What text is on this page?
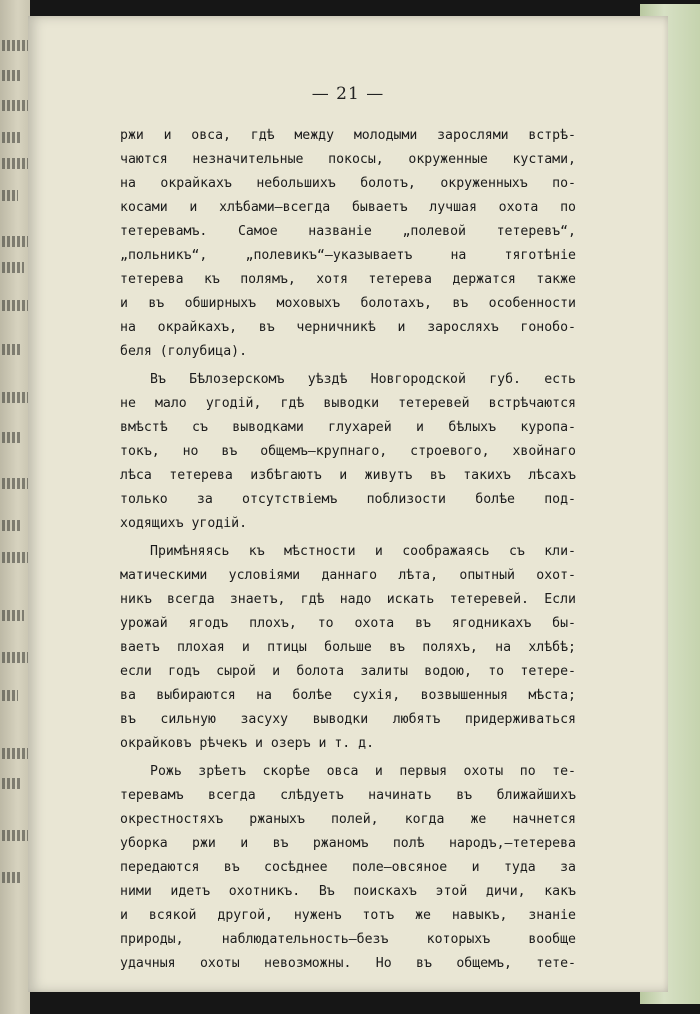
— 21 —
ржи и овса, гдѣ между молодыми зарослями встрѣ-
чаются незначительные покосы, окруженные кустами,
на окрайкахъ небольшихъ болотъ, окруженныхъ по-
косами и хлѣбами—всегда бываетъ лучшая охота по
тетеревамъ. Самое названіе „полевой тетеревъ“,
„польникъ“, „полевикъ“—указываетъ на тяготѣніе
тетерева къ полямъ, хотя тетерева держатся также
и въ обширныхъ моховыхъ болотахъ, въ особенности
на окрайкахъ, въ черничникѣ и заросляхъ гонобо-
беля (голубица).
Въ Бѣлозерскомъ уѣздѣ Новгородской губ. есть
не мало угодій, гдѣ выводки тетеревей встрѣчаются
вмѣстѣ съ выводками глухарей и бѣлыхъ куропа-
токъ, но въ общемъ—крупнаго, строевого, хвойнаго
лѣса тетерева избѣгаютъ и живутъ въ такихъ лѣсахъ
только за отсутствіемъ поблизости болѣе под-
ходящихъ угодій.
Примѣняясь къ мѣстности и соображаясь съ кли-
матическими условіями даннаго лѣта, опытный охот-
никъ всегда знаетъ, гдѣ надо искать тетеревей. Если
урожай ягодъ плохъ, то охота въ ягодникахъ бы-
ваетъ плохая и птицы больше въ поляхъ, на хлѣбѣ;
если годъ сырой и болота залиты водою, то тетере-
ва выбираются на болѣе сухія, возвышенныя мѣста;
въ сильную засуху выводки любятъ придерживаться
окрайковъ рѣчекъ и озеръ и т. д.
Рожь зрѣетъ скорѣе овса и первыя охоты по те-
теревамъ всегда слѣдуетъ начинать въ ближайшихъ
окрестностяхъ ржаныхъ полей, когда же начнется
уборка ржи и въ ржаномъ полѣ народъ,—тетерева
передаются въ сосѣднее поле—овсяное и туда за
ними идетъ охотникъ. Въ поискахъ этой дичи, какъ
и всякой другой, нуженъ тотъ же навыкъ, знаніе
природы, наблюдательность—безъ которыхъ вообще
удачныя охоты невозможны. Но въ общемъ, тете-
